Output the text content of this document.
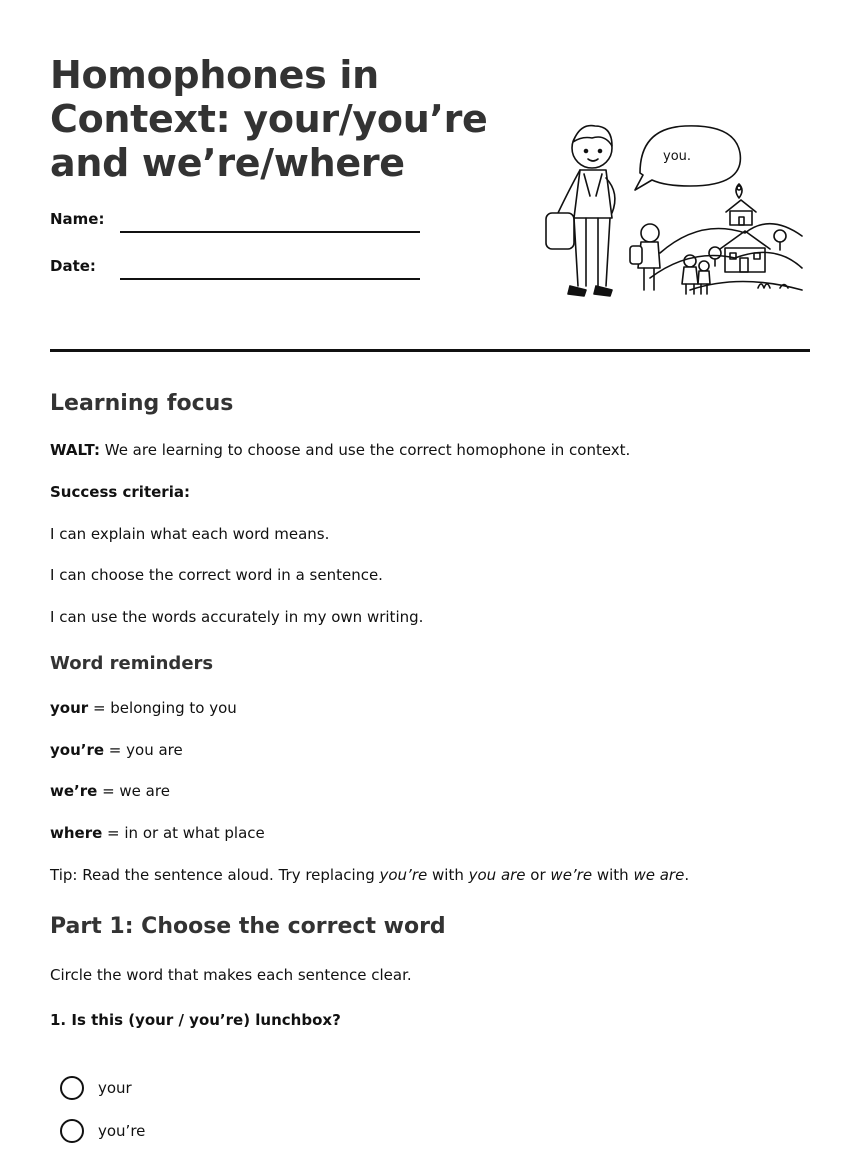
Homophones in Context: your/you’re and we’re/where
Name:
Date:
you.
Learning focus
WALT: We are learning to choose and use the correct homophone in context.
Success criteria:
I can explain what each word means.
I can choose the correct word in a sentence.
I can use the words accurately in my own writing.
Word reminders
your = belonging to you
you’re = you are
we’re = we are
where = in or at what place
Tip: Read the sentence aloud. Try replacing you’re with you are or we’re with we are.
Part 1: Choose the correct word
Circle the word that makes each sentence clear.
1. Is this (your / you’re) lunchbox?
your
you’re
